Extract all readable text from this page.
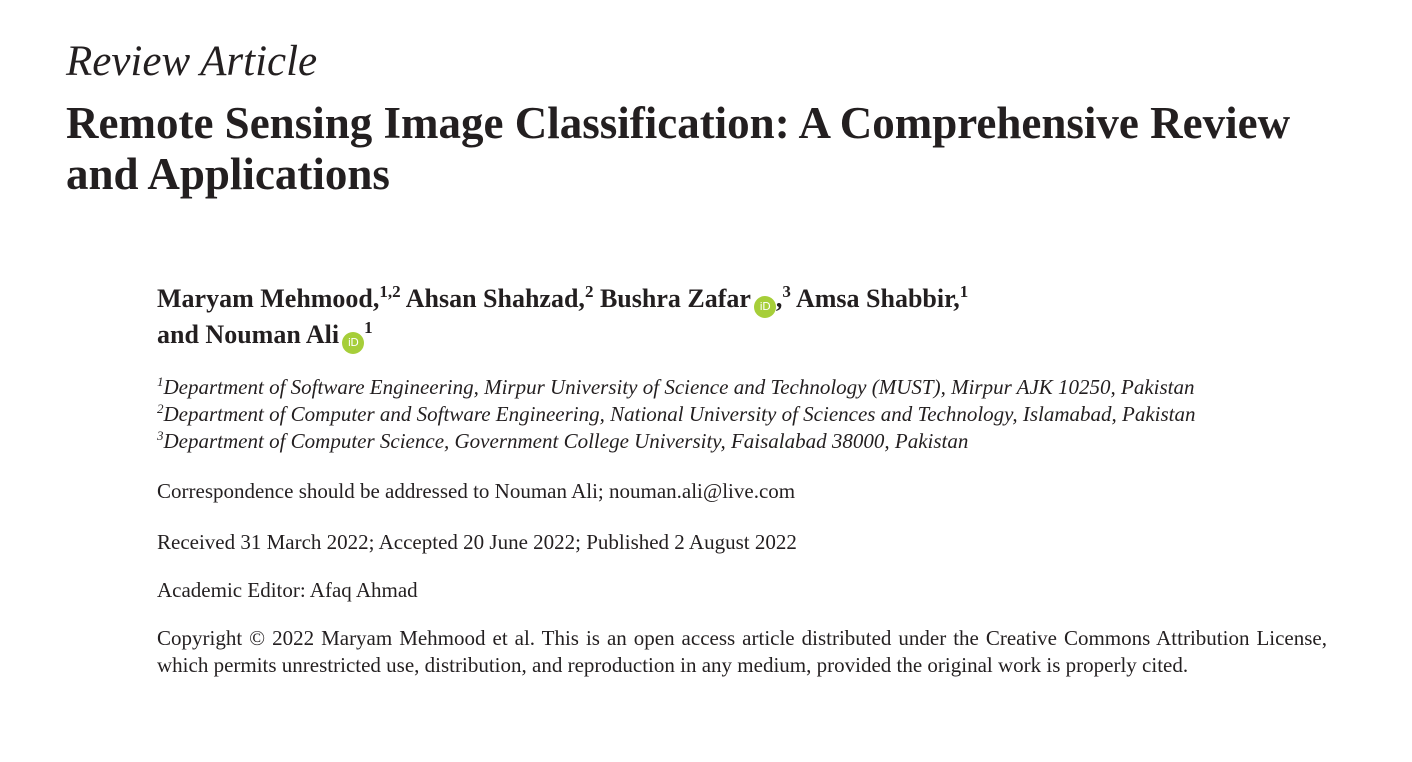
Review Article
Remote Sensing Image Classification: A Comprehensive Review and Applications
Maryam Mehmood,$^{1,2}$ Ahsan Shahzad,$^2$ Bushra Zafar iD ,$^3$ Amsa Shabbir,$^1$
and Nouman Ali $iD^1$
$^1$Department of Software Engineering, Mirpur University of Science and Technology (MUST), Mirpur AJK 10250, Pakistan
$^2$Department of Computer and Software Engineering, National University of Sciences and Technology, Islamabad, Pakistan
$^3$Department of Computer Science, Government College University, Faisalabad 38000, Pakistan
Correspondence should be addressed to Nouman Ali; nouman.ali@live.com
Received 31 March 2022; Accepted 20 June 2022; Published 2 August 2022
Academic Editor: Afaq Ahmad
Copyright © 2022 Maryam Mehmood et al. This is an open access article distributed under the Creative Commons Attribution License, which permits unrestricted use, distribution, and reproduction in any medium, provided the original work is properly cited.
